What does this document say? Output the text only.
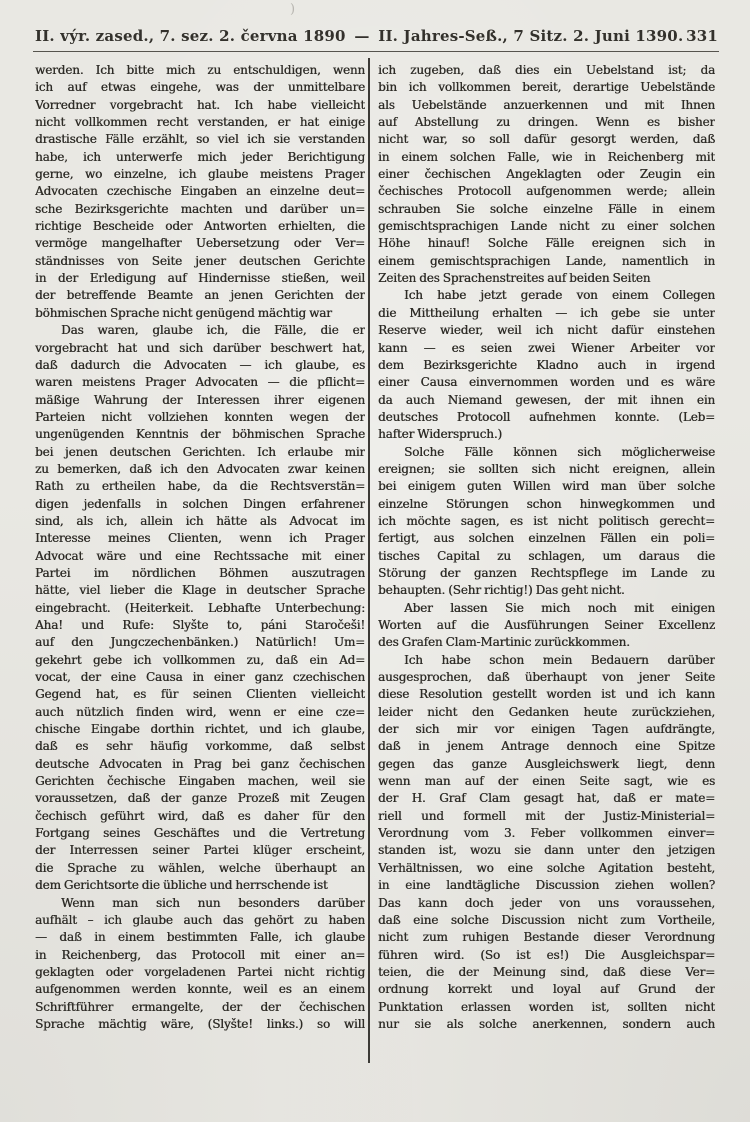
)
II. výr. zased., 7. sez. 2. června 1890 — II. Jahres-Seß., 7 Sitz. 2. Juni 1390. 331
werden. Ich bitte mich zu entschuldigen, wenn
ich auf etwas eingehe, was der unmittelbare
Vorredner vorgebracht hat. Ich habe vielleicht
nicht vollkommen recht verstanden, er hat einige
drastische Fälle erzählt, so viel ich sie verstanden
habe, ich unterwerfe mich jeder Berichtigung
gerne, wo einzelne, ich glaube meistens Prager
Advocaten czechische Eingaben an einzelne deut=
sche Bezirksgerichte machten und darüber un=
richtige Bescheide oder Antworten erhielten, die
vermöge mangelhafter Uebersetzung oder Ver=
ständnisses von Seite jener deutschen Gerichte
in der Erledigung auf Hindernisse stießen, weil
der betreffende Beamte an jenen Gerichten der
böhmischen Sprache nicht genügend mächtig war
Das waren, glaube ich, die Fälle, die er
vorgebracht hat und sich darüber beschwert hat,
daß dadurch die Advocaten — ich glaube, es
waren meistens Prager Advocaten — die pflicht=
mäßige Wahrung der Interessen ihrer eigenen
Parteien nicht vollziehen konnten wegen der
ungenügenden Kenntnis der böhmischen Sprache
bei jenen deutschen Gerichten. Ich erlaube mir
zu bemerken, daß ich den Advocaten zwar keinen
Rath zu ertheilen habe, da die Rechtsverstän=
digen jedenfalls in solchen Dingen erfahrener
sind, als ich, allein ich hätte als Advocat im
Interesse meines Clienten, wenn ich Prager
Advocat wäre und eine Rechtssache mit einer
Partei im nördlichen Böhmen auszutragen
hätte, viel lieber die Klage in deutscher Sprache
eingebracht. (Heiterkeit. Lebhafte Unterbechung:
Aha! und Rufe: Slyšte to, páni Staročeši!
auf den Jungczechenbänken.) Natürlich! Um=
gekehrt gebe ich vollkommen zu, daß ein Ad=
vocat, der eine Causa in einer ganz czechischen
Gegend hat, es für seinen Clienten vielleicht
auch nützlich finden wird, wenn er eine cze=
chische Eingabe dorthin richtet, und ich glaube,
daß es sehr häufig vorkomme, daß selbst
deutsche Advocaten in Prag bei ganz čechischen
Gerichten čechische Eingaben machen, weil sie
voraussetzen, daß der ganze Prozeß mit Zeugen
čechisch geführt wird, daß es daher für den
Fortgang seines Geschäftes und die Vertretung
der Interressen seiner Partei klüger erscheint,
die Sprache zu wählen, welche überhaupt an
dem Gerichtsorte die übliche und herrschende ist
Wenn man sich nun besonders darüber
aufhält – ich glaube auch das gehört zu haben
— daß in einem bestimmten Falle, ich glaube
in Reichenberg, das Protocoll mit einer an=
geklagten oder vorgeladenen Partei nicht richtig
aufgenommen werden konnte, weil es an einem
Schriftführer ermangelte, der der čechischen
Sprache mächtig wäre, (Slyšte! links.) so will
ich zugeben, daß dies ein Uebelstand ist; da
bin ich vollkommen bereit, derartige Uebelstände
als Uebelstände anzuerkennen und mit Ihnen
auf Abstellung zu dringen. Wenn es bisher
nicht war, so soll dafür gesorgt werden, daß
in einem solchen Falle, wie in Reichenberg mit
einer čechischen Angeklagten oder Zeugin ein
čechisches Protocoll aufgenommen werde; allein
schrauben Sie solche einzelne Fälle in einem
gemischtsprachigen Lande nicht zu einer solchen
Höhe hinauf! Solche Fälle ereignen sich in
einem gemischtsprachigen Lande, namentlich in
Zeiten des Sprachenstreites auf beiden Seiten
Ich habe jetzt gerade von einem Collegen
die Mittheilung erhalten — ich gebe sie unter
Reserve wieder, weil ich nicht dafür einstehen
kann — es seien zwei Wiener Arbeiter vor
dem Bezirksgerichte Kladno auch in irgend
einer Causa einvernommen worden und es wäre
da auch Niemand gewesen, der mit ihnen ein
deutsches Protocoll aufnehmen konnte. (Leb=
hafter Widerspruch.)
Solche Fälle können sich möglicherweise
ereignen; sie sollten sich nicht ereignen, allein
bei einigem guten Willen wird man über solche
einzelne Störungen schon hinwegkommen und
ich möchte sagen, es ist nicht politisch gerecht=
fertigt, aus solchen einzelnen Fällen ein poli=
tisches Capital zu schlagen, um daraus die
Störung der ganzen Rechtspflege im Lande zu
behaupten. (Sehr richtig!) Das geht nicht.
Aber lassen Sie mich noch mit einigen
Worten auf die Ausführungen Seiner Excellenz
des Grafen Clam-Martinic zurückkommen.
Ich habe schon mein Bedauern darüber
ausgesprochen, daß überhaupt von jener Seite
diese Resolution gestellt worden ist und ich kann
leider nicht den Gedanken heute zurückziehen,
der sich mir vor einigen Tagen aufdrängte,
daß in jenem Antrage dennoch eine Spitze
gegen das ganze Ausgleichswerk liegt, denn
wenn man auf der einen Seite sagt, wie es
der H. Graf Clam gesagt hat, daß er mate=
riell und formell mit der Justiz-Ministerial=
Verordnung vom 3. Feber vollkommen einver=
standen ist, wozu sie dann unter den jetzigen
Verhältnissen, wo eine solche Agitation besteht,
in eine landtägliche Discussion ziehen wollen?
Das kann doch jeder von uns voraussehen,
daß eine solche Discussion nicht zum Vortheile,
nicht zum ruhigen Bestande dieser Verordnung
führen wird. (So ist es!) Die Ausgleichspar=
teien, die der Meinung sind, daß diese Ver=
ordnung korrekt und loyal auf Grund der
Punktation erlassen worden ist, sollten nicht
nur sie als solche anerkennen, sondern auch
